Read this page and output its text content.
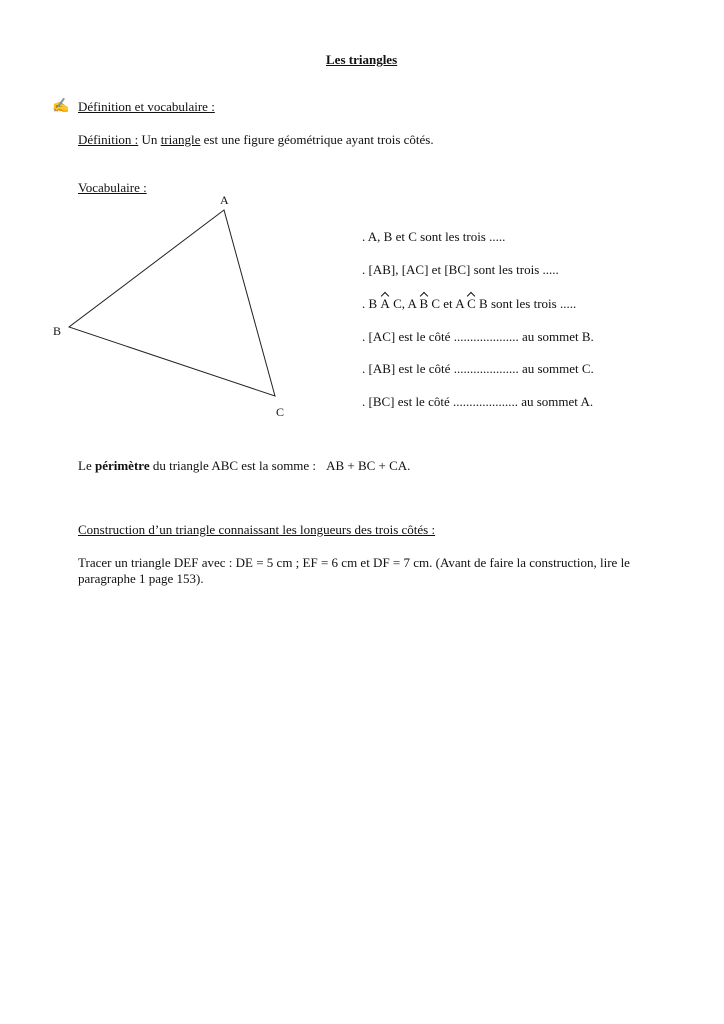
Les triangles
✍ Définition et vocabulaire :
Définition : Un triangle est une figure géométrique ayant trois côtés.
Vocabulaire :
A
B
C
. A, B et C sont les trois .....
. [AB], [AC] et [BC] sont les trois .....
. B A C, A B C et A C B sont les trois .....
. [AC] est le côté .................... au sommet B.
. [AB] est le côté .................... au sommet C.
. [BC] est le côté .................... au sommet A.
Le périmètre du triangle ABC est la somme : AB + BC + CA.
Construction d’un triangle connaissant les longueurs des trois côtés :
Tracer un triangle DEF avec : DE = 5 cm ; EF = 6 cm et DF = 7 cm. (Avant de faire la construction, lire le paragraphe 1 page 153).
